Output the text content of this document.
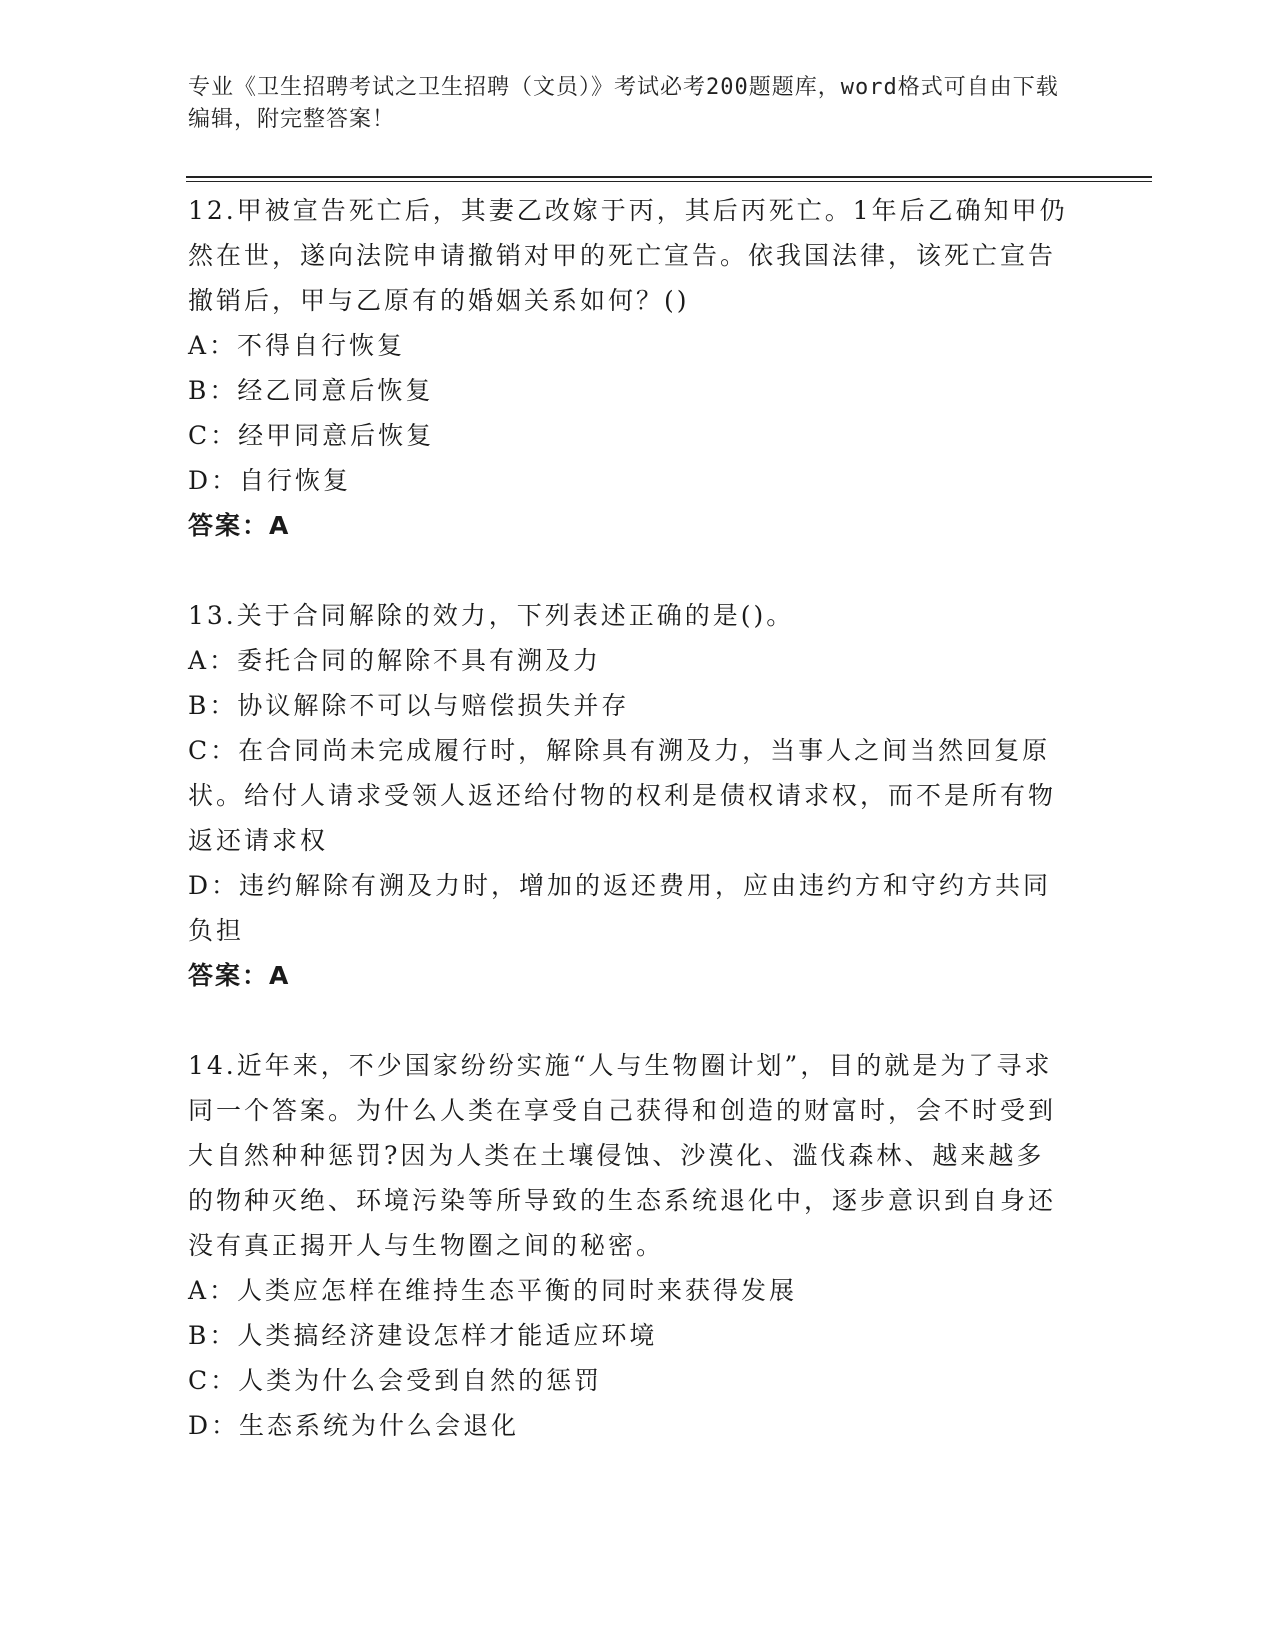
专业《卫生招聘考试之卫生招聘（文员）》考试必考200题题库，word格式可自由下载编辑，附完整答案！

12.甲被宣告死亡后，其妻乙改嫁于丙，其后丙死亡。1年后乙确知甲仍然在世，遂向法院申请撤销对甲的死亡宣告。依我国法律，该死亡宣告撤销后，甲与乙原有的婚姻关系如何？()

A：不得自行恢复

B：经乙同意后恢复

C：经甲同意后恢复

D：自行恢复

答案：A

13.关于合同解除的效力，下列表述正确的是()。

A：委托合同的解除不具有溯及力

B：协议解除不可以与赔偿损失并存

C：在合同尚未完成履行时，解除具有溯及力，当事人之间当然回复原状。给付人请求受领人返还给付物的权利是债权请求权，而不是所有物返还请求权

D：违约解除有溯及力时，增加的返还费用，应由违约方和守约方共同负担

答案：A

14.近年来，不少国家纷纷实施“人与生物圈计划”，目的就是为了寻求同一个答案。为什么人类在享受自己获得和创造的财富时，会不时受到大自然种种惩罚?因为人类在土壤侵蚀、沙漠化、滥伐森林、越来越多的物种灭绝、环境污染等所导致的生态系统退化中，逐步意识到自身还没有真正揭开人与生物圈之间的秘密。

A：人类应怎样在维持生态平衡的同时来获得发展

B：人类搞经济建设怎样才能适应环境

C：人类为什么会受到自然的惩罚

D：生态系统为什么会退化
